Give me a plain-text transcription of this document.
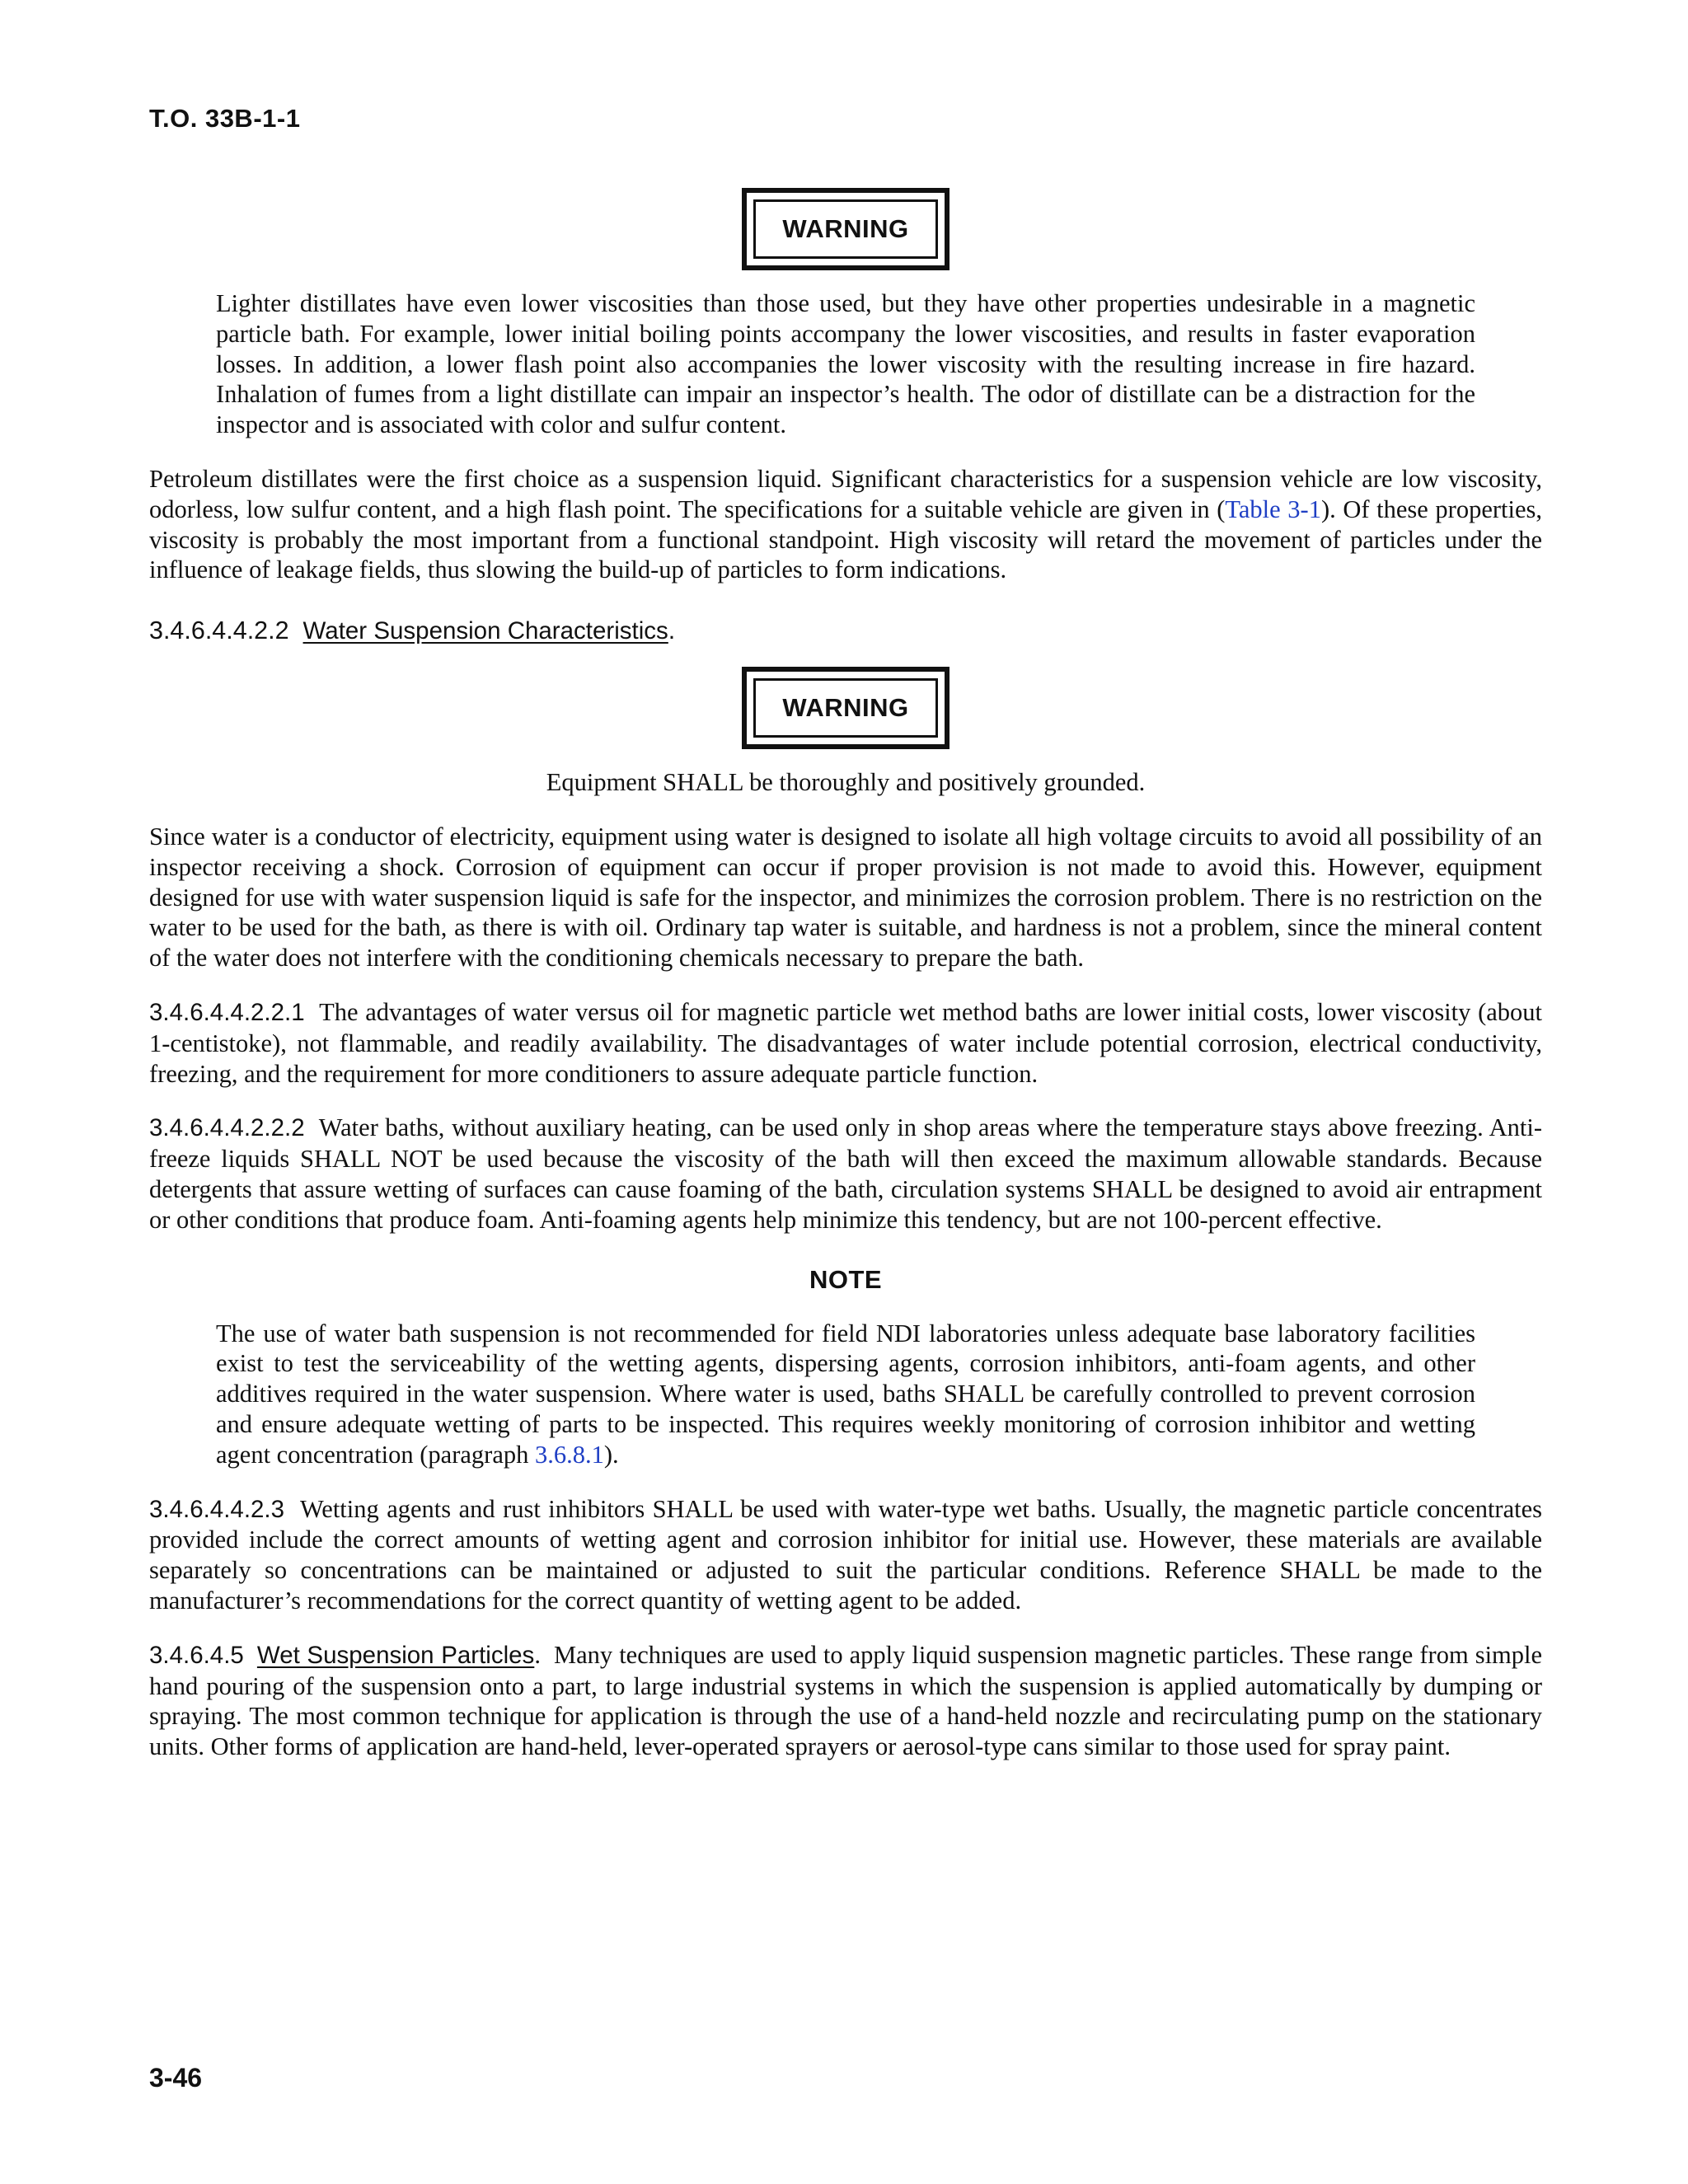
T.O. 33B-1-1
WARNING

Lighter distillates have even lower viscosities than those used, but they have other properties undesirable in a magnetic particle bath. For example, lower initial boiling points accompany the lower viscosities, and results in faster evaporation losses. In addition, a lower flash point also accompanies the lower viscosity with the resulting increase in fire hazard. Inhalation of fumes from a light distillate can impair an inspector’s health. The odor of distillate can be a distraction for the inspector and is associated with color and sulfur content.

Petroleum distillates were the first choice as a suspension liquid. Significant characteristics for a suspension vehicle are low viscosity, odorless, low sulfur content, and a high flash point. The specifications for a suitable vehicle are given in (Table 3-1). Of these properties, viscosity is probably the most important from a functional standpoint. High viscosity will retard the movement of particles under the influence of leakage fields, thus slowing the build-up of particles to form indications.

3.4.6.4.4.2.2 Water Suspension Characteristics.
WARNING

Equipment SHALL be thoroughly and positively grounded.

Since water is a conductor of electricity, equipment using water is designed to isolate all high voltage circuits to avoid all possibility of an inspector receiving a shock. Corrosion of equipment can occur if proper provision is not made to avoid this. However, equipment designed for use with water suspension liquid is safe for the inspector, and minimizes the corrosion problem. There is no restriction on the water to be used for the bath, as there is with oil. Ordinary tap water is suitable, and hardness is not a problem, since the mineral content of the water does not interfere with the conditioning chemicals necessary to prepare the bath.

3.4.6.4.4.2.2.1 The advantages of water versus oil for magnetic particle wet method baths are lower initial costs, lower viscosity (about 1-centistoke), not flammable, and readily availability. The disadvantages of water include potential corrosion, electrical conductivity, freezing, and the requirement for more conditioners to assure adequate particle function.

3.4.6.4.4.2.2.2 Water baths, without auxiliary heating, can be used only in shop areas where the temperature stays above freezing. Anti-freeze liquids SHALL NOT be used because the viscosity of the bath will then exceed the maximum allowable standards. Because detergents that assure wetting of surfaces can cause foaming of the bath, circulation systems SHALL be designed to avoid air entrapment or other conditions that produce foam. Anti-foaming agents help minimize this tendency, but are not 100-percent effective.

NOTE

The use of water bath suspension is not recommended for field NDI laboratories unless adequate base laboratory facilities exist to test the serviceability of the wetting agents, dispersing agents, corrosion inhibitors, anti-foam agents, and other additives required in the water suspension. Where water is used, baths SHALL be carefully controlled to prevent corrosion and ensure adequate wetting of parts to be inspected. This requires weekly monitoring of corrosion inhibitor and wetting agent concentration (paragraph 3.6.8.1).

3.4.6.4.4.2.3 Wetting agents and rust inhibitors SHALL be used with water-type wet baths. Usually, the magnetic particle concentrates provided include the correct amounts of wetting agent and corrosion inhibitor for initial use. However, these materials are available separately so concentrations can be maintained or adjusted to suit the particular conditions. Reference SHALL be made to the manufacturer’s recommendations for the correct quantity of wetting agent to be added.

3.4.6.4.5 Wet Suspension Particles. Many techniques are used to apply liquid suspension magnetic particles. These range from simple hand pouring of the suspension onto a part, to large industrial systems in which the suspension is applied automatically by dumping or spraying. The most common technique for application is through the use of a hand-held nozzle and recirculating pump on the stationary units. Other forms of application are hand-held, lever-operated sprayers or aerosol-type cans similar to those used for spray paint.

3-46
